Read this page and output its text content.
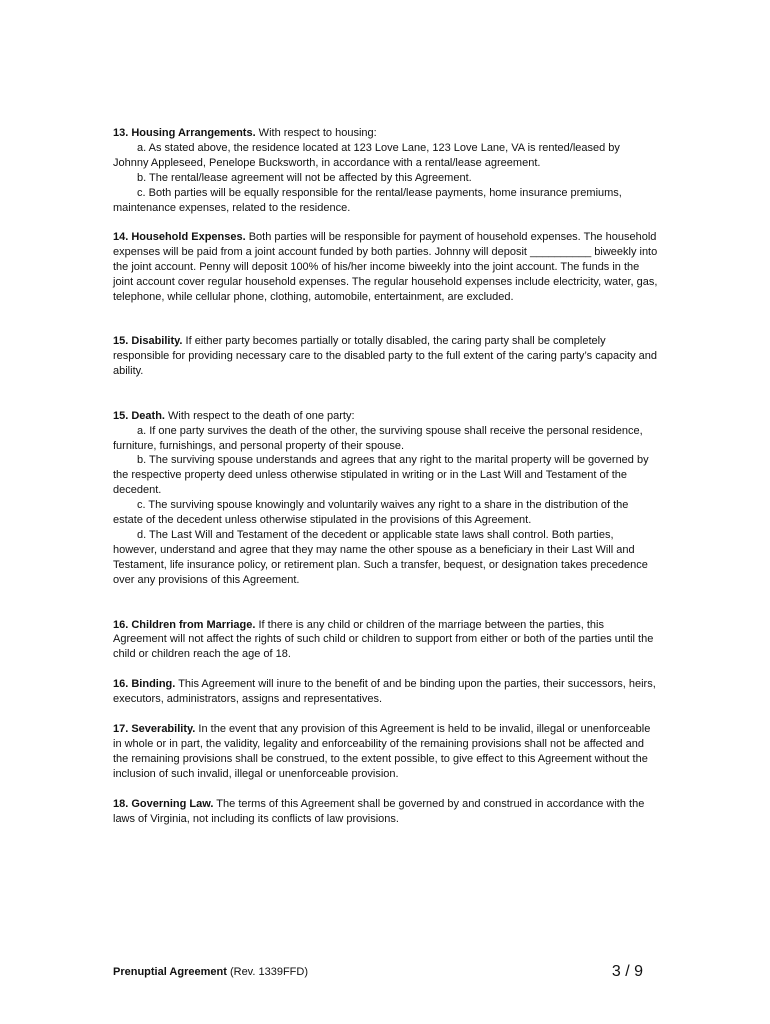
13. Housing Arrangements. With respect to housing:

a. As stated above, the residence located at 123 Love Lane, 123 Love Lane, VA is rented/leased by Johnny Appleseed, Penelope Bucksworth, in accordance with a rental/lease agreement.

b. The rental/lease agreement will not be affected by this Agreement.

c. Both parties will be equally responsible for the rental/lease payments, home insurance premiums, maintenance expenses, related to the residence.

14. Household Expenses. Both parties will be responsible for payment of household expenses. The household expenses will be paid from a joint account funded by both parties. Johnny will deposit __________ biweekly into the joint account. Penny will deposit 100% of his/her income biweekly into the joint account. The funds in the joint account cover regular household expenses. The regular household expenses include electricity, water, gas, telephone, while cellular phone, clothing, automobile, entertainment, are excluded.

15. Disability. If either party becomes partially or totally disabled, the caring party shall be completely responsible for providing necessary care to the disabled party to the full extent of the caring party’s capacity and ability.

15. Death. With respect to the death of one party:

a. If one party survives the death of the other, the surviving spouse shall receive the personal residence, furniture, furnishings, and personal property of their spouse.

b. The surviving spouse understands and agrees that any right to the marital property will be governed by the respective property deed unless otherwise stipulated in writing or in the Last Will and Testament of the decedent.

c. The surviving spouse knowingly and voluntarily waives any right to a share in the distribution of the estate of the decedent unless otherwise stipulated in the provisions of this Agreement.

d. The Last Will and Testament of the decedent or applicable state laws shall control. Both parties, however, understand and agree that they may name the other spouse as a beneficiary in their Last Will and Testament, life insurance policy, or retirement plan. Such a transfer, bequest, or designation takes precedence over any provisions of this Agreement.

16. Children from Marriage. If there is any child or children of the marriage between the parties, this Agreement will not affect the rights of such child or children to support from either or both of the parties until the child or children reach the age of 18.

16. Binding. This Agreement will inure to the benefit of and be binding upon the parties, their successors, heirs, executors, administrators, assigns and representatives.

17. Severability. In the event that any provision of this Agreement is held to be invalid, illegal or unenforceable in whole or in part, the validity, legality and enforceability of the remaining provisions shall not be affected and the remaining provisions shall be construed, to the extent possible, to give effect to this Agreement without the inclusion of such invalid, illegal or unenforceable provision.

18. Governing Law. The terms of this Agreement shall be governed by and construed in accordance with the laws of Virginia, not including its conflicts of law provisions.

Prenuptial Agreement (Rev. 1339FFD)	3 / 9
